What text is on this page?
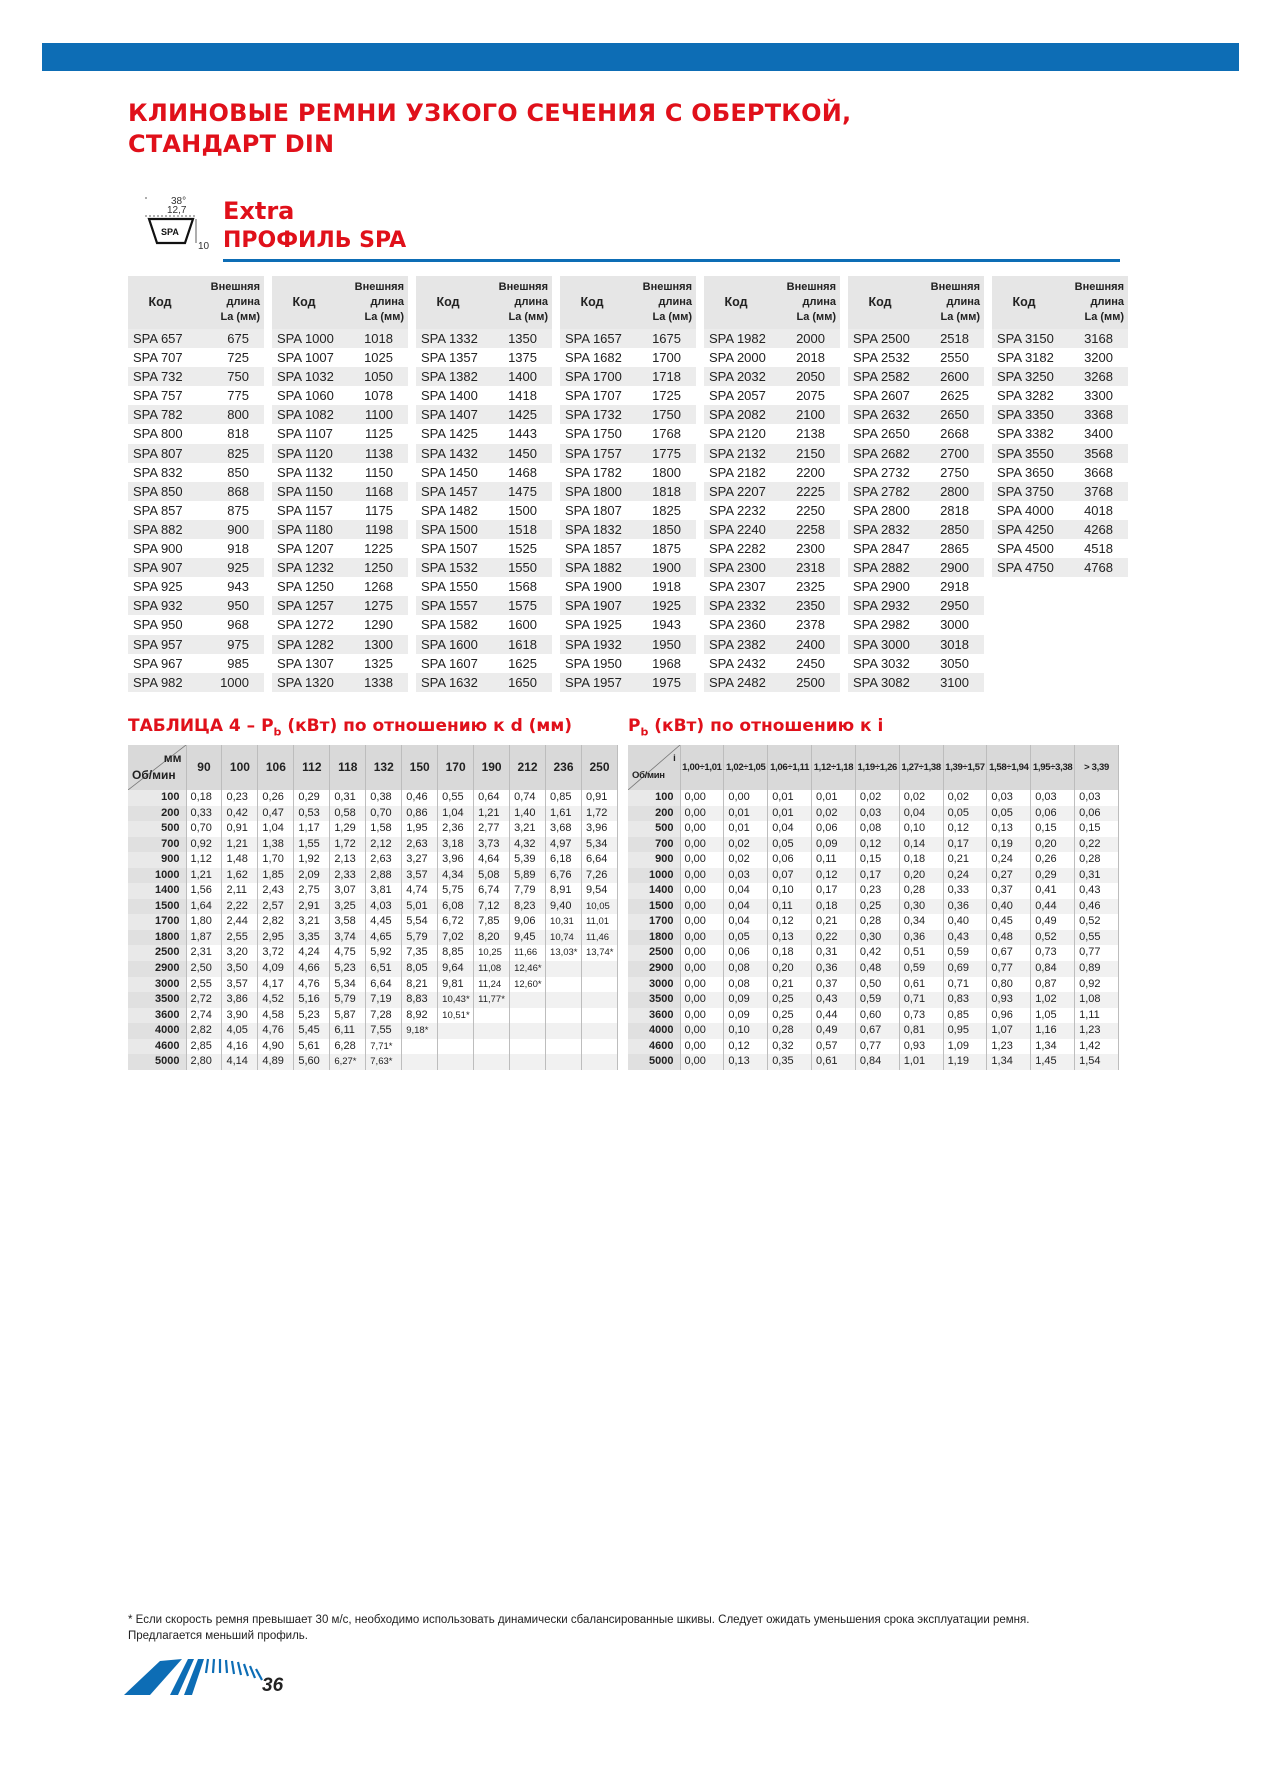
КЛИНОВЫЕ РЕМНИ УЗКОГО СЕЧЕНИЯ С ОБЕРТКОЙ,
СТАНДАРТ DIN
38°
12,7
SPA
10
Extra
ПРОФИЛЬ SPA
Код
Внешняя
длина
La (мм)
SPA 657	675
SPA 707	725
SPA 732	750
SPA 757	775
SPA 782	800
SPA 800	818
SPA 807	825
SPA 832	850
SPA 850	868
SPA 857	875
SPA 882	900
SPA 900	918
SPA 907	925
SPA 925	943
SPA 932	950
SPA 950	968
SPA 957	975
SPA 967	985
SPA 982	1000
Код
Внешняя
длина
La (мм)
SPA 1000	1018
SPA 1007	1025
SPA 1032	1050
SPA 1060	1078
SPA 1082	1100
SPA 1107	1125
SPA 1120	1138
SPA 1132	1150
SPA 1150	1168
SPA 1157	1175
SPA 1180	1198
SPA 1207	1225
SPA 1232	1250
SPA 1250	1268
SPA 1257	1275
SPA 1272	1290
SPA 1282	1300
SPA 1307	1325
SPA 1320	1338
Код
Внешняя
длина
La (мм)
SPA 1332	1350
SPA 1357	1375
SPA 1382	1400
SPA 1400	1418
SPA 1407	1425
SPA 1425	1443
SPA 1432	1450
SPA 1450	1468
SPA 1457	1475
SPA 1482	1500
SPA 1500	1518
SPA 1507	1525
SPA 1532	1550
SPA 1550	1568
SPA 1557	1575
SPA 1582	1600
SPA 1600	1618
SPA 1607	1625
SPA 1632	1650
Код
Внешняя
длина
La (мм)
SPA 1657	1675
SPA 1682	1700
SPA 1700	1718
SPA 1707	1725
SPA 1732	1750
SPA 1750	1768
SPA 1757	1775
SPA 1782	1800
SPA 1800	1818
SPA 1807	1825
SPA 1832	1850
SPA 1857	1875
SPA 1882	1900
SPA 1900	1918
SPA 1907	1925
SPA 1925	1943
SPA 1932	1950
SPA 1950	1968
SPA 1957	1975
Код
Внешняя
длина
La (мм)
SPA 1982	2000
SPA 2000	2018
SPA 2032	2050
SPA 2057	2075
SPA 2082	2100
SPA 2120	2138
SPA 2132	2150
SPA 2182	2200
SPA 2207	2225
SPA 2232	2250
SPA 2240	2258
SPA 2282	2300
SPA 2300	2318
SPA 2307	2325
SPA 2332	2350
SPA 2360	2378
SPA 2382	2400
SPA 2432	2450
SPA 2482	2500
Код
Внешняя
длина
La (мм)
SPA 2500	2518
SPA 2532	2550
SPA 2582	2600
SPA 2607	2625
SPA 2632	2650
SPA 2650	2668
SPA 2682	2700
SPA 2732	2750
SPA 2782	2800
SPA 2800	2818
SPA 2832	2850
SPA 2847	2865
SPA 2882	2900
SPA 2900	2918
SPA 2932	2950
SPA 2982	3000
SPA 3000	3018
SPA 3032	3050
SPA 3082	3100
Код
Внешняя
длина
La (мм)
SPA 3150	3168
SPA 3182	3200
SPA 3250	3268
SPA 3282	3300
SPA 3350	3368
SPA 3382	3400
SPA 3550	3568
SPA 3650	3668
SPA 3750	3768
SPA 4000	4018
SPA 4250	4268
SPA 4500	4518
SPA 4750	4768
ТАБЛИЦА $4 - P_b$ (кВт) по отношению к d (мм)	$P_b$ (кВт) по отношению к i
мм
Об/мин	90	100	106	112	118	132	150	170	190	212	236	250
100	0,18	0,23	0,26	0,29	0,31	0,38	0,46	0,55	0,64	0,74	0,85	0,91
200	0,33	0,42	0,47	0,53	0,58	0,70	0,86	1,04	1,21	1,40	1,61	1,72
500	0,70	0,91	1,04	1,17	1,29	1,58	1,95	2,36	2,77	3,21	3,68	3,96
700	0,92	1,21	1,38	1,55	1,72	2,12	2,63	3,18	3,73	4,32	4,97	5,34
900	1,12	1,48	1,70	1,92	2,13	2,63	3,27	3,96	4,64	5,39	6,18	6,64
1000	1,21	1,62	1,85	2,09	2,33	2,88	3,57	4,34	5,08	5,89	6,76	7,26
1400	1,56	2,11	2,43	2,75	3,07	3,81	4,74	5,75	6,74	7,79	8,91	9,54
1500	1,64	2,22	2,57	2,91	3,25	4,03	5,01	6,08	7,12	8,23	9,40	10,05
1700	1,80	2,44	2,82	3,21	3,58	4,45	5,54	6,72	7,85	9,06	10,31	11,01
1800	1,87	2,55	2,95	3,35	3,74	4,65	5,79	7,02	8,20	9,45	10,74	11,46
2500	2,31	3,20	3,72	4,24	4,75	5,92	7,35	8,85	10,25	11,66	13,03*	13,74*
2900	2,50	3,50	4,09	4,66	5,23	6,51	8,05	9,64	11,08	12,46*		
3000	2,55	3,57	4,17	4,76	5,34	6,64	8,21	9,81	11,24	12,60*		
3500	2,72	3,86	4,52	5,16	5,79	7,19	8,83	10,43*	11,77*			
3600	2,74	3,90	4,58	5,23	5,87	7,28	8,92	10,51*				
4000	2,82	4,05	4,76	5,45	6,11	7,55	9,18*					
4600	2,85	4,16	4,90	5,61	6,28	7,71*						
5000	2,80	4,14	4,89	5,60	6,27*	7,63*						
i
Об/мин	1,00÷1,01	1,02÷1,05	1,06÷1,11	1,12÷1,18	1,19÷1,26	1,27÷1,38	1,39÷1,57	1,58÷1,94	1,95÷3,38	> 3,39
100	0,00	0,00	0,01	0,01	0,02	0,02	0,02	0,03	0,03	0,03
200	0,00	0,01	0,01	0,02	0,03	0,04	0,05	0,05	0,06	0,06
500	0,00	0,01	0,04	0,06	0,08	0,10	0,12	0,13	0,15	0,15
700	0,00	0,02	0,05	0,09	0,12	0,14	0,17	0,19	0,20	0,22
900	0,00	0,02	0,06	0,11	0,15	0,18	0,21	0,24	0,26	0,28
1000	0,00	0,03	0,07	0,12	0,17	0,20	0,24	0,27	0,29	0,31
1400	0,00	0,04	0,10	0,17	0,23	0,28	0,33	0,37	0,41	0,43
1500	0,00	0,04	0,11	0,18	0,25	0,30	0,36	0,40	0,44	0,46
1700	0,00	0,04	0,12	0,21	0,28	0,34	0,40	0,45	0,49	0,52
1800	0,00	0,05	0,13	0,22	0,30	0,36	0,43	0,48	0,52	0,55
2500	0,00	0,06	0,18	0,31	0,42	0,51	0,59	0,67	0,73	0,77
2900	0,00	0,08	0,20	0,36	0,48	0,59	0,69	0,77	0,84	0,89
3000	0,00	0,08	0,21	0,37	0,50	0,61	0,71	0,80	0,87	0,92
3500	0,00	0,09	0,25	0,43	0,59	0,71	0,83	0,93	1,02	1,08
3600	0,00	0,09	0,25	0,44	0,60	0,73	0,85	0,96	1,05	1,11
4000	0,00	0,10	0,28	0,49	0,67	0,81	0,95	1,07	1,16	1,23
4600	0,00	0,12	0,32	0,57	0,77	0,93	1,09	1,23	1,34	1,42
5000	0,00	0,13	0,35	0,61	0,84	1,01	1,19	1,34	1,45	1,54
* Если скорость ремня превышает 30 м/с, необходимо использовать динамически сбалансированные шкивы. Следует ожидать уменьшения срока эксплуатации ремня. Предлагается меньший профиль.
36
